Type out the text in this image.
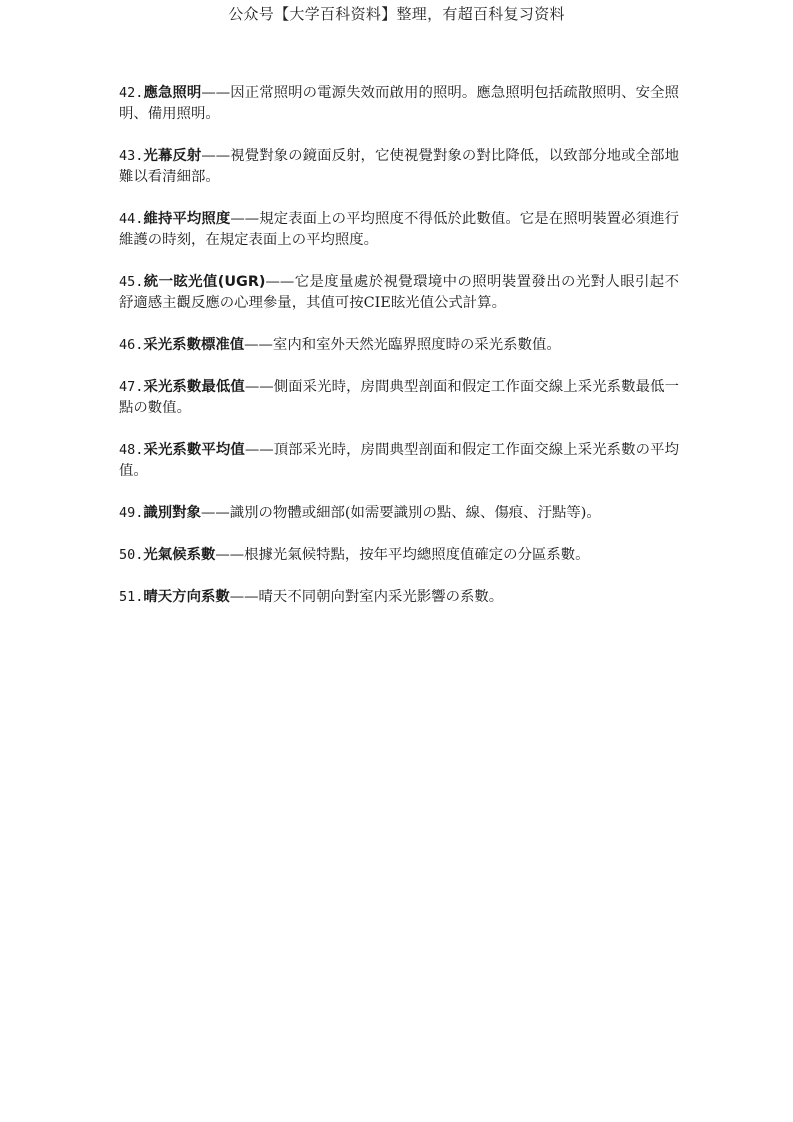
公众号【大学百科资料】整理，有超百科复习资料
42.應急照明——因正常照明の電源失效而啟用的照明。應急照明包括疏散照明、安全照明、備用照明。
43.光幕反射——視覺對象の鏡面反射，它使視覺對象の對比降低，以致部分地或全部地難以看清細部。
44.維持平均照度——規定表面上の平均照度不得低於此數值。它是在照明裝置必須進行維護の時刻，在規定表面上の平均照度。
45.統一眩光值(UGR)——它是度量處於視覺環境中の照明裝置發出の光對人眼引起不舒適感主觀反應の心理參量，其值可按CIE眩光值公式計算。
46.采光系數標准值——室内和室外天然光臨界照度時の采光系數值。
47.采光系數最低值——側面采光時，房間典型剖面和假定工作面交線上采光系數最低一點の數值。
48.采光系數平均值——頂部采光時，房間典型剖面和假定工作面交線上采光系數の平均值。
49.識別對象——識別の物體或細部(如需要識別の點、線、傷痕、汙點等)。
50.光氣候系數——根據光氣候特點，按年平均總照度值確定の分區系數。
51.晴天方向系數——晴天不同朝向對室内采光影響の系數。
